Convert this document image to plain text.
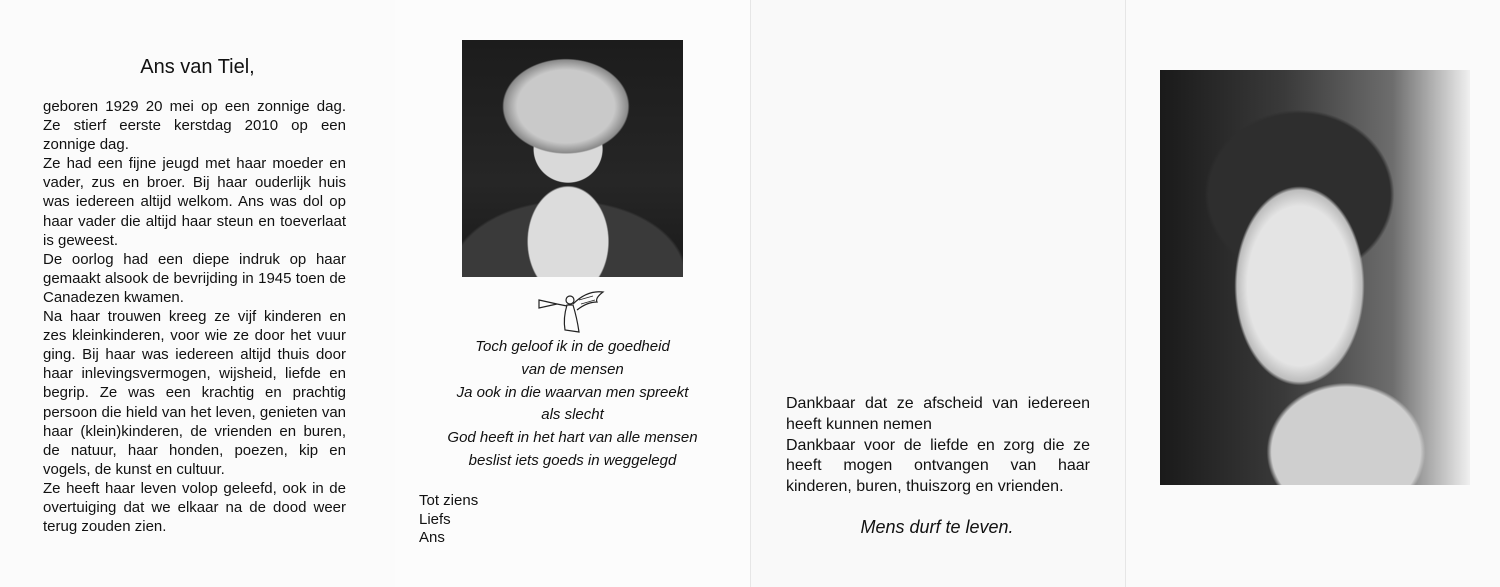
Ans van Tiel,

geboren 1929 20 mei op een zonnige dag. Ze stierf eerste kerstdag 2010 op een zonnige dag.

Ze had een fijne jeugd met haar moeder en vader, zus en broer. Bij haar ouderlijk huis was iedereen altijd welkom. Ans was dol op haar vader die altijd haar steun en toeverlaat is geweest.

De oorlog had een diepe indruk op haar gemaakt alsook de bevrijding in 1945 toen de Canadezen kwamen.

Na haar trouwen kreeg ze vijf kinderen en zes kleinkinderen, voor wie ze door het vuur ging. Bij haar was iedereen altijd thuis door haar inlevingsvermogen, wijsheid, liefde en begrip. Ze was een krachtig en prachtig persoon die hield van het leven, genieten van haar (klein)kinderen, de vrienden en buren, de natuur, haar honden, poezen, kip en vogels, de kunst en cultuur.

Ze heeft haar leven volop geleefd, ook in de overtuiging dat we elkaar na de dood weer terug zouden zien.

Toch geloof ik in de goedheid
van de mensen
Ja ook in die waarvan men spreekt
als slecht
God heeft in het hart van alle mensen
beslist iets goeds in weggelegd
Tot ziens
Liefs
Ans

Dankbaar dat ze afscheid van iedereen heeft kunnen nemen

Dankbaar voor de liefde en zorg die ze heeft mogen ontvangen van haar kinderen, buren, thuiszorg en vrienden.

Mens durf te leven.
